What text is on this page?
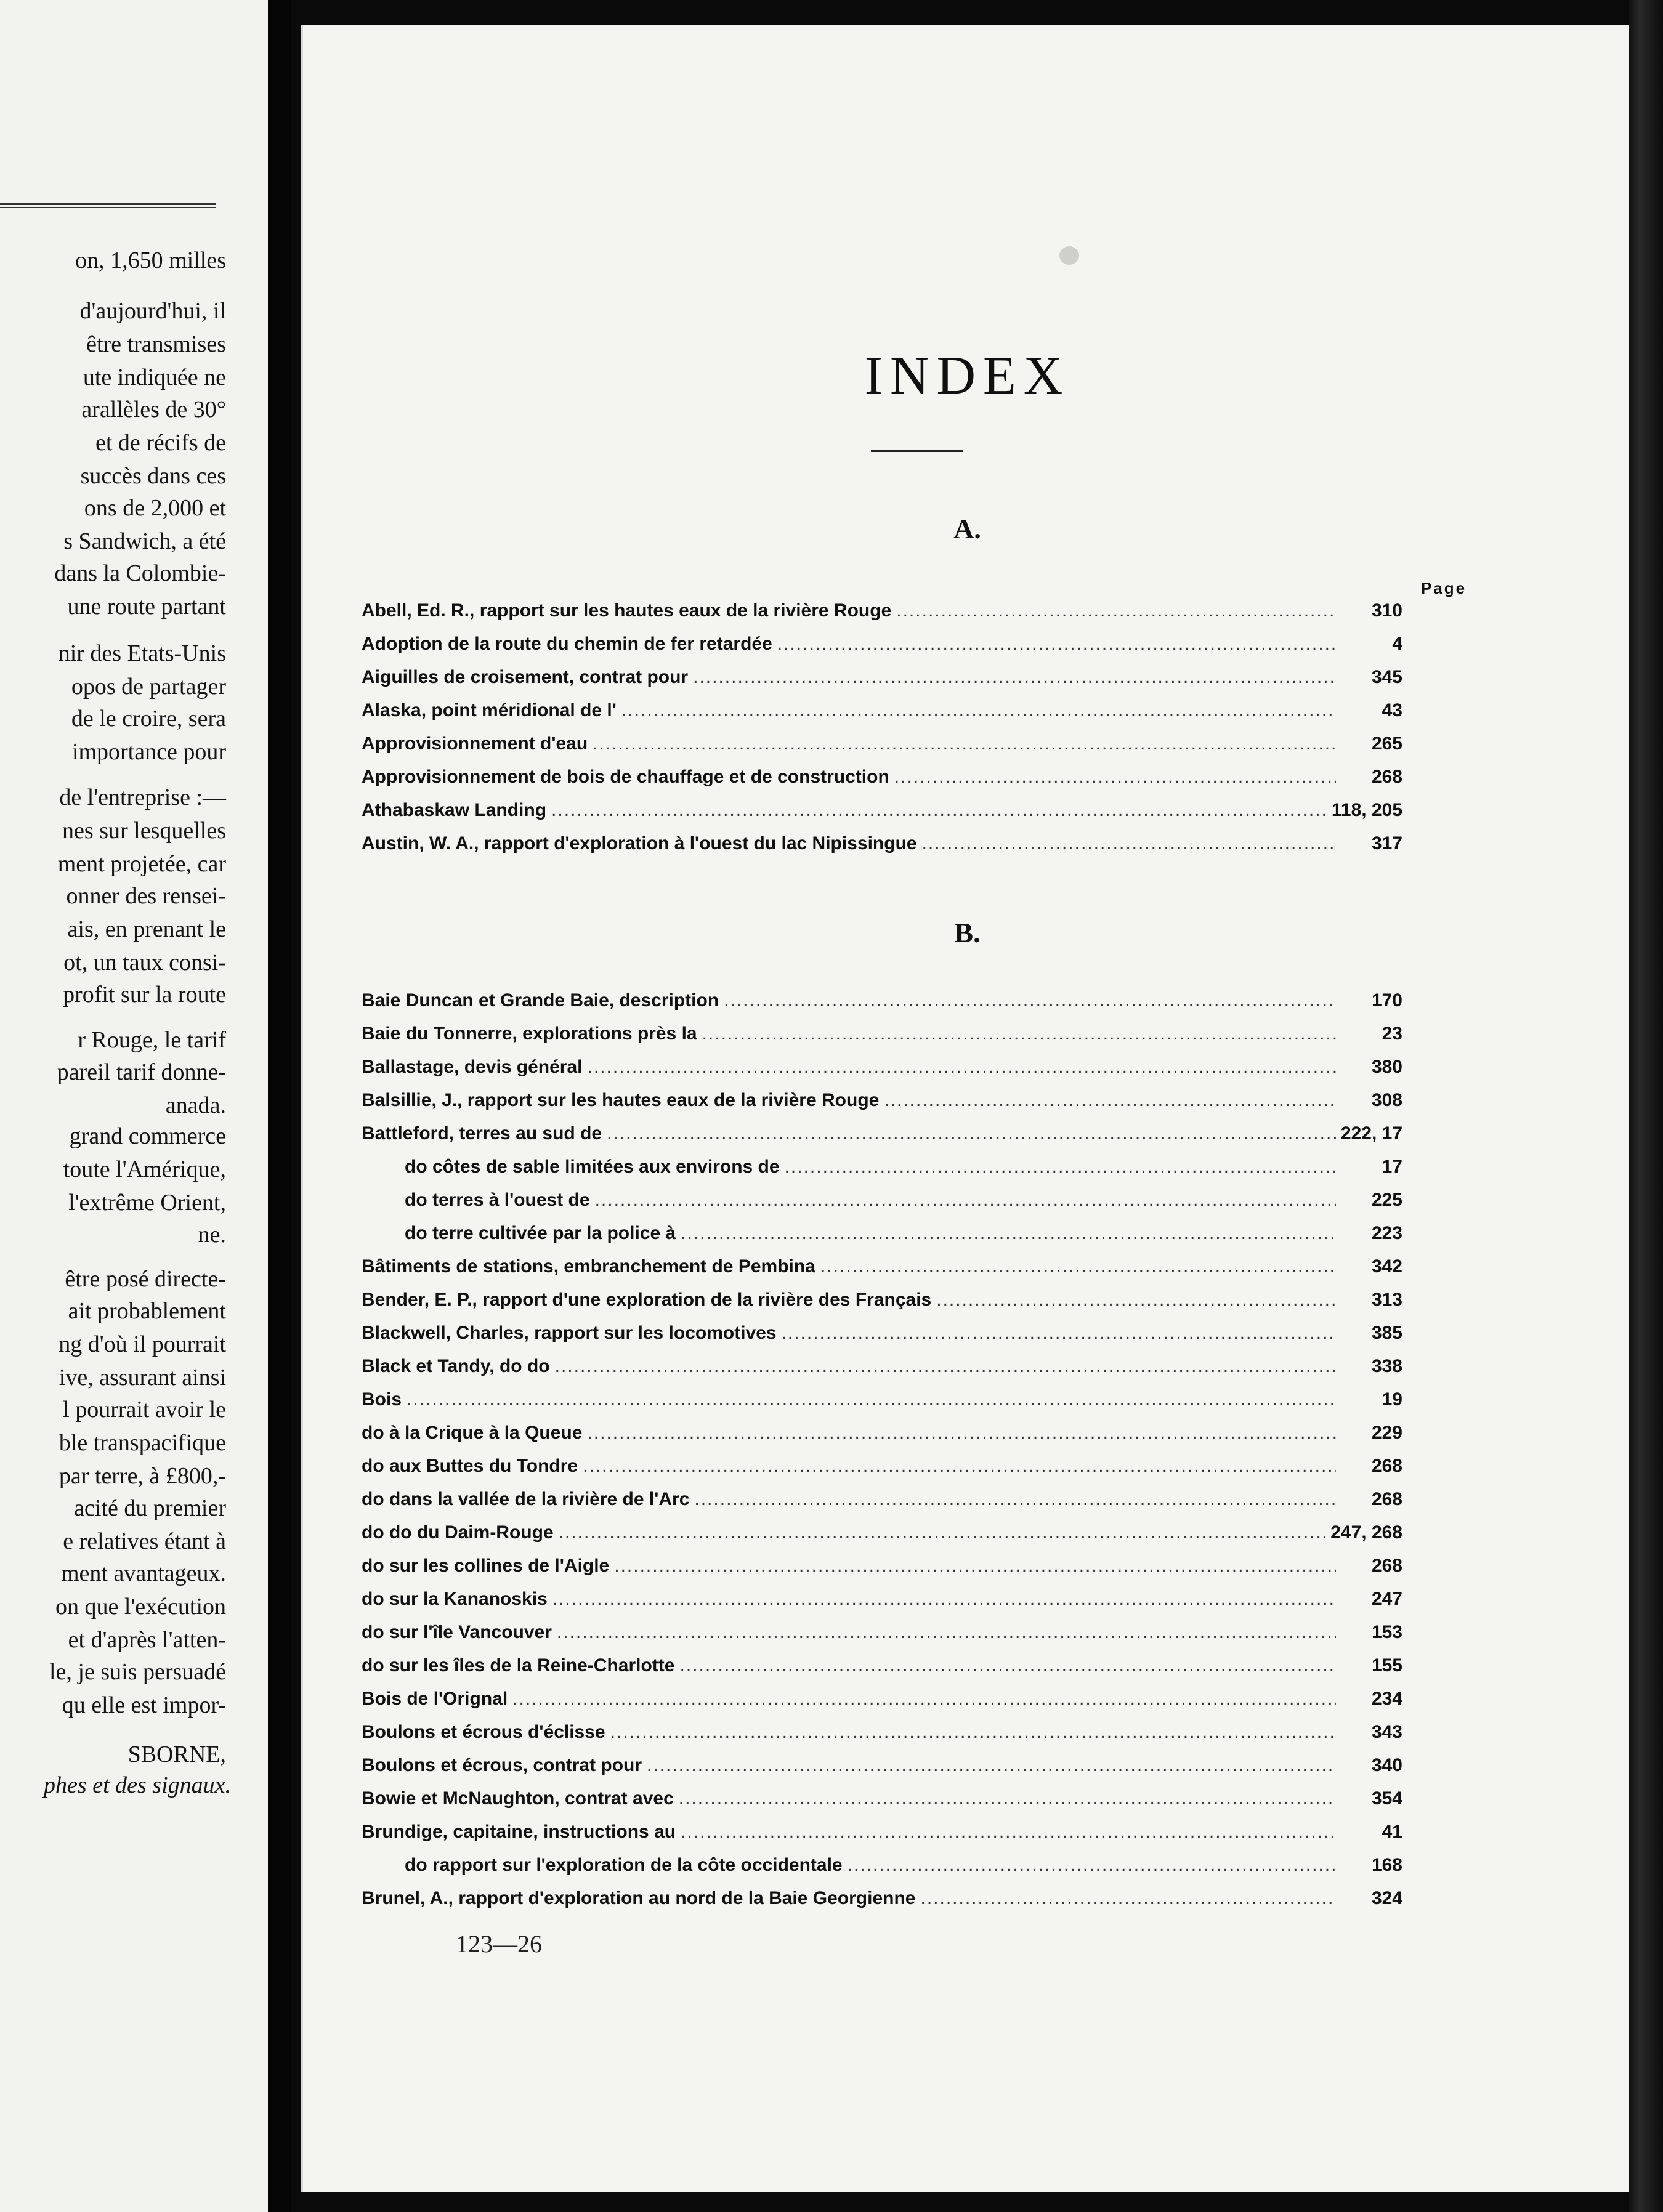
on, 1,650 milles
d'aujourd'hui, il
être transmises
ute indiquée ne
arallèles de 30°
et de récifs de
succès dans ces
ons de 2,000 et
s Sandwich, a été
dans la Colombie-
une route partant
nir des Etats-Unis
opos de partager
de le croire, sera
importance pour
de l'entreprise :—
nes sur lesquelles
ment projetée, car
onner des rensei-
ais, en prenant le
ot, un taux consi-
profit sur la route
r Rouge, le tarif
pareil tarif donne-
anada.
grand commerce
toute l'Amérique,
l'extrême Orient,
ne.
être posé directe-
ait probablement
ng d'où il pourrait
ive, assurant ainsi
l pourrait avoir le
ble transpacifique
par terre, à £800,-
acité du premier
e relatives étant à
ment avantageux.
on que l'exécution
et d'après l'atten-
le, je suis persuadé
qu elle est impor-
SBORNE,
phes et des signaux.
INDEX
A.
Page
Abell, Ed. R., rapport sur les hautes eaux de la rivière Rouge .....	310
Adoption de la route du chemin de fer retardée .....	4
Aiguilles de croisement, contrat pour .....	345
Alaska, point méridional de l' .....	43
Approvisionnement d'eau .....	265
Approvisionnement de bois de chauffage et de construction .....	268
Athabaskaw Landing .....	118, 205
Austin, W. A., rapport d'exploration à l'ouest du lac Nipissingue .....	317
B.
Baie Duncan et Grande Baie, description .....	170
Baie du Tonnerre, explorations près la .....	23
Ballastage, devis général .....	380
Balsillie, J., rapport sur les hautes eaux de la rivière Rouge .....	308
Battleford, terres au sud de .....	222, 17
do côtes de sable limitées aux environs de .....	17
do terres à l'ouest de .....	225
do terre cultivée par la police à .....	223
Bâtiments de stations, embranchement de Pembina .....	342
Bender, E. P., rapport d'une exploration de la rivière des Français .....	313
Blackwell, Charles, rapport sur les locomotives .....	385
Black et Tandy, do do .....	338
Bois .....	19
do à la Crique à la Queue .....	229
do aux Buttes du Tondre .....	268
do dans la vallée de la rivière de l'Arc .....	268
do do du Daim-Rouge .....	247, 268
do sur les collines de l'Aigle .....	268
do sur la Kananoskis .....	247
do sur l'île Vancouver .....	153
do sur les îles de la Reine-Charlotte .....	155
Bois de l'Orignal .....	234
Boulons et écrous d'éclisse .....	343
Boulons et écrous, contrat pour .....	340
Bowie et McNaughton, contrat avec .....	354
Brundige, capitaine, instructions au .....	41
do rapport sur l'exploration de la côte occidentale .....	168
Brunel, A., rapport d'exploration au nord de la Baie Georgienne .....	324
123—26
